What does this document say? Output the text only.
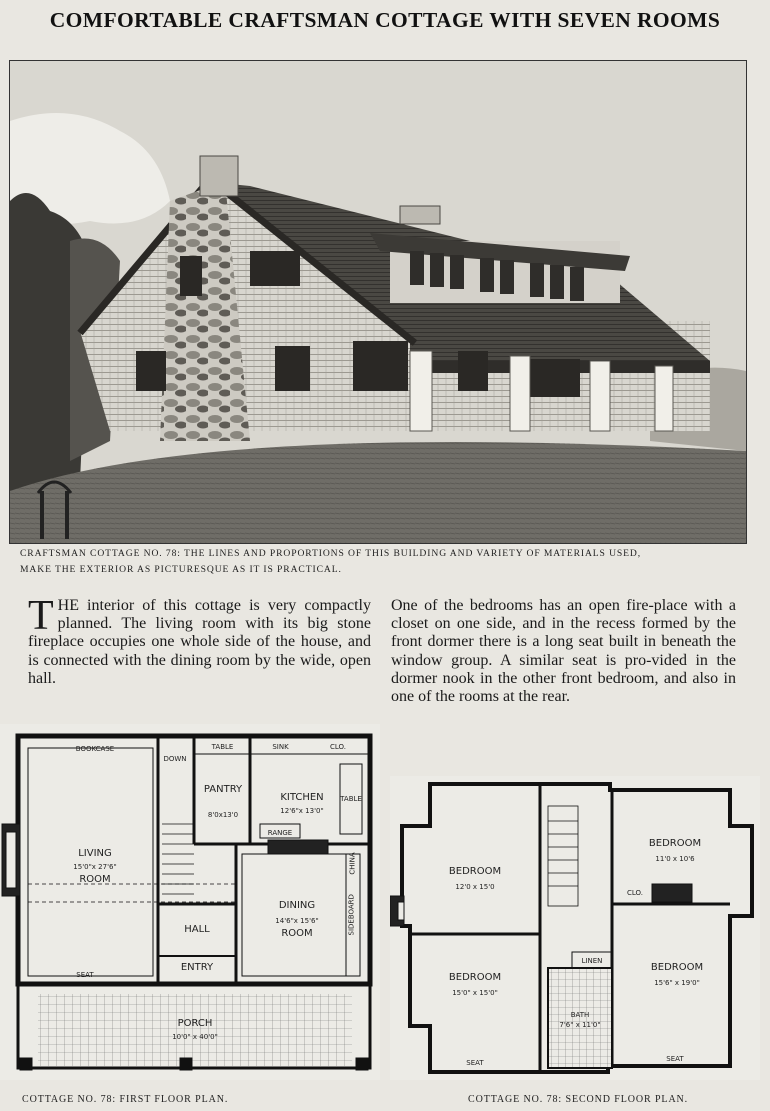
COMFORTABLE CRAFTSMAN COTTAGE WITH SEVEN ROOMS
CRAFTSMAN COTTAGE NO. 78: THE LINES AND PROPORTIONS OF THIS BUILDING AND VARIETY OF MATERIALS USED,
MAKE THE EXTERIOR AS PICTURESQUE AS IT IS PRACTICAL.
THE interior of this cottage is very compactly planned. The living room with its big stone fireplace occupies one whole side of the house, and is connected with the dining room by the wide, open hall.
One of the bedrooms has an open fire-place with a closet on one side, and in the recess formed by the front dormer there is a long seat built in beneath the window group. A similar seat is pro-vided in the dormer nook in the other front bedroom, and also in one of the rooms at the rear.
BOOKCASE	TABLE	SINK	CLO.
DOWN
PANTRY
8'0x13'0
KITCHEN
12'6"x 13'0"
TABLE
RANGE
LIVING
15'0"x 27'6"
ROOM
DINING
14'6"x 15'6"
ROOM
HALL
ENTRY
SIDEBOARD
CHINA
SEAT
PORCH
10'0" x 40'0"
BEDROOM
12'0 x 15'0
BEDROOM
11'0 x 10'6
BEDROOM
15'0" x 15'0"
BEDROOM
15'6" x 19'0"
BATH
7'6" x 11'0"
LINEN
CLO.
SEAT	SEAT
COTTAGE NO. 78: FIRST FLOOR PLAN.	COTTAGE NO. 78: SECOND FLOOR PLAN.
